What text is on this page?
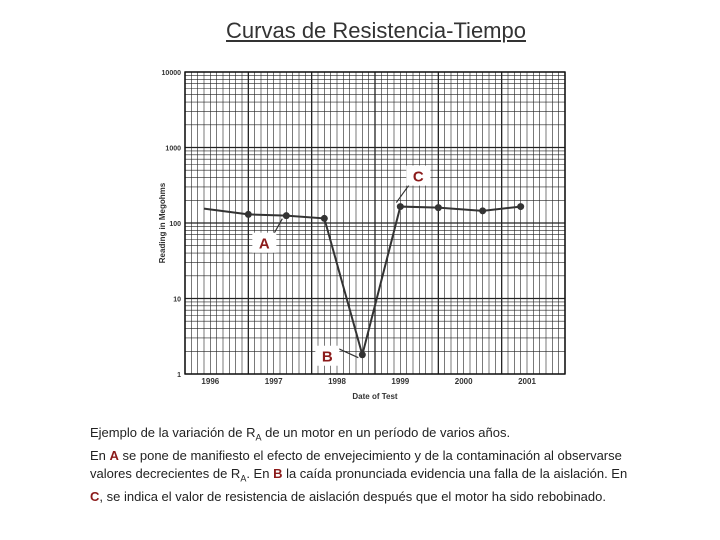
Curvas de Resistencia-Tiempo
1
10
100
1000
10000
1996	1997	1998	1999	2000	2001
Reading in Megohms
Date of Test
A
B
C

Ejemplo de la variación de $R_A$ de un motor en un período de varios años.

En A se pone de manifiesto el efecto de envejecimiento y de la contaminación al observarse

valores decrecientes de $R_A$. En B la caída pronunciada evidencia una falla de la aislación. En

C, se indica el valor de resistencia de aislación después que el motor ha sido rebobinado.
